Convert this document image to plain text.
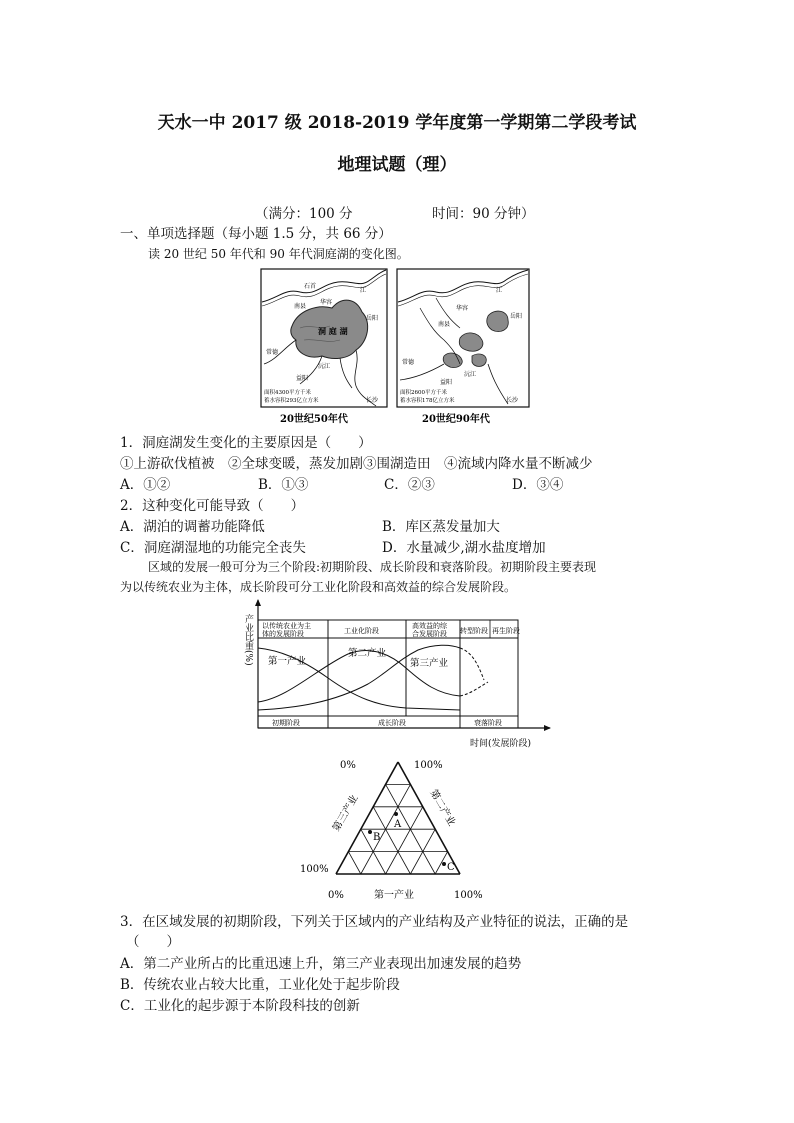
天水一中 2017 级 2018-2019 学年度第一学期第二学段考试
地理试题（理）
（满分：100 分	时间：90 分钟）
一、单项选择题（每小题 1.5 分，共 66 分）
读 20 世纪 50 年代和 90 年代洞庭湖的变化图。
洞 庭 湖
石首
江
岳阳
华容
南县
常德
沅江
益阳
长沙
面积4300平方千米
蓄水容积293亿立方米
江
岳阳
华容
南县
常德
沅江
益阳
长沙
面积2600平方千米
蓄水容积178亿立方米
20世纪50年代	20世纪90年代
1．洞庭湖发生变化的主要原因是（　　）
①上游砍伐植被　②全球变暖，蒸发加剧③围湖造田　④流域内降水量不断减少
A．①②	B．①③	C．②③	D．③④
2．这种变化可能导致（　　）
A．湖泊的调蓄功能降低	B．库区蒸发量加大
C．洞庭湖湿地的功能完全丧失	D．水量减少,湖水盐度增加
区域的发展一般可分为三个阶段:初期阶段、成长阶段和衰落阶段。初期阶段主要表现
为以传统农业为主体，成长阶段可分工业化阶段和高效益的综合发展阶段。
产业比重(%) 以传统农业为主
体的发展阶段	工业化阶段
高效益的综
合发展阶段 转型阶段 再生阶段
第一产业
第二产业
第三产业
初期阶段	成长阶段	衰落阶段
时间(发展阶段)
0%	100%
100%
0%	100%
第一产业
第三产业	第二产业
A
B
C
3．在区域发展的初期阶段，下列关于区域内的产业结构及产业特征的说法，正确的是
（　　）
A．第二产业所占的比重迅速上升，第三产业表现出加速发展的趋势
B．传统农业占较大比重，工业化处于起步阶段
C．工业化的起步源于本阶段科技的创新
